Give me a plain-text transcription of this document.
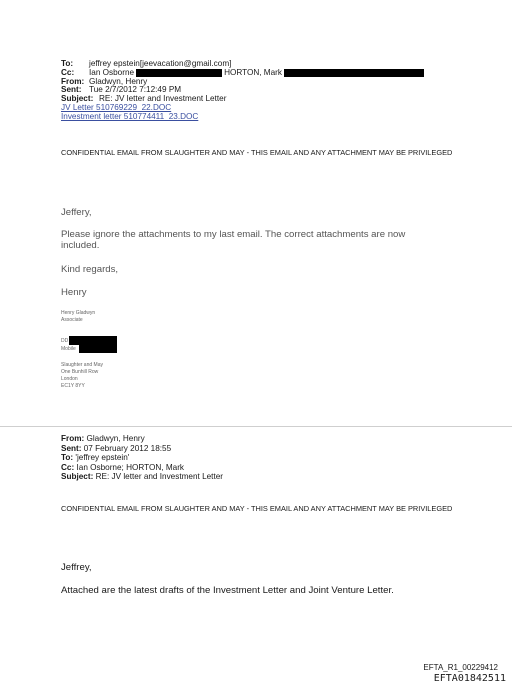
To:	jeffrey epstein[jeevacation@gmail.com]
Cc:	Ian Osborne	HORTON, Mark
From: Gladwyn, Henry
Sent: Tue 2/7/2012 7:12:49 PM
Subject: RE: JV letter and Investment Letter
JV Letter 510769229_22.DOC
Investment letter 510774411_23.DOC
CONFIDENTIAL EMAIL FROM SLAUGHTER AND MAY - THIS EMAIL AND ANY ATTACHMENT MAY BE PRIVILEGED
Jeffery,
Please ignore the attachments to my last email. The correct attachments are now included.
Kind regards,
Henry
Henry Gladwyn
Associate
DD
Mobile
Slaughter and May
One Bunhill Row
London
EC1Y 8YY
From: Gladwyn, Henry
Sent: 07 February 2012 18:55
To: 'jeffrey epstein'
Cc: Ian Osborne; HORTON, Mark
Subject: RE: JV letter and Investment Letter
CONFIDENTIAL EMAIL FROM SLAUGHTER AND MAY - THIS EMAIL AND ANY ATTACHMENT MAY BE PRIVILEGED
Jeffrey,
Attached are the latest drafts of the Investment Letter and Joint Venture Letter.
EFTA_R1_00229412
EFTA01842511
